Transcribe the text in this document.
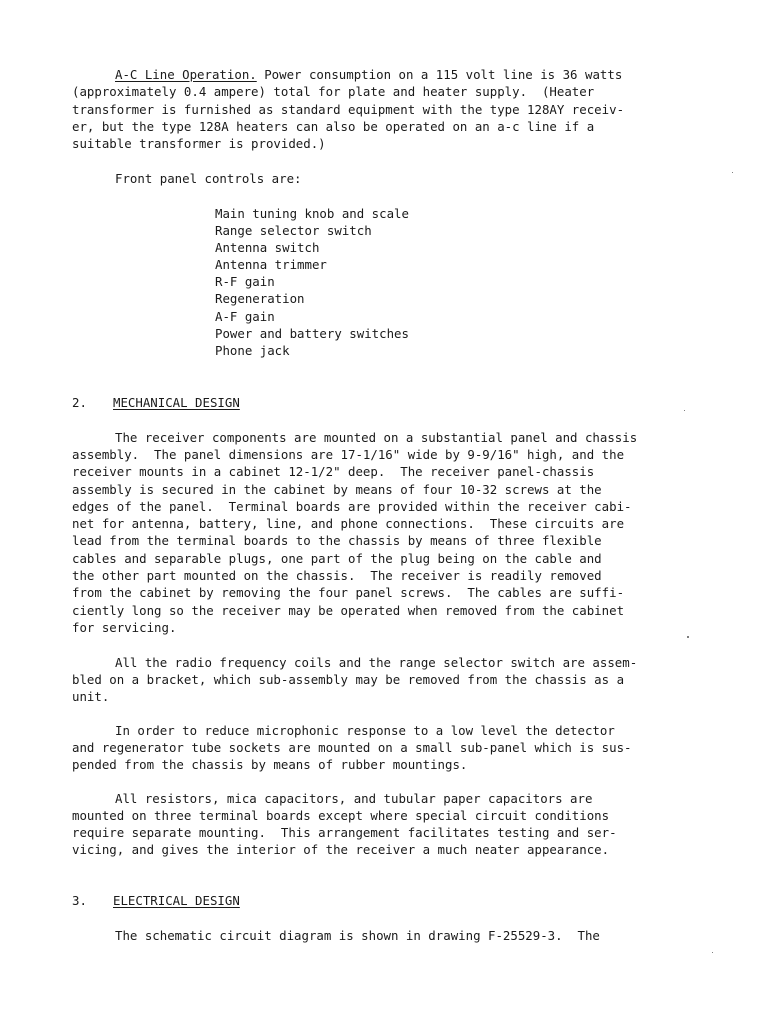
A-C Line Operation. Power consumption on a 115 volt line is 36 watts
(approximately 0.4 ampere) total for plate and heater supply.  (Heater
transformer is furnished as standard equipment with the type 128AY receiv-
er, but the type 128A heaters can also be operated on an a-c line if a
suitable transformer is provided.)
Front panel controls are:
Main tuning knob and scale
Range selector switch
Antenna switch
Antenna trimmer
R-F gain
Regeneration
A-F gain
Power and battery switches
Phone jack
2. MECHANICAL DESIGN
The receiver components are mounted on a substantial panel and chassis
assembly.  The panel dimensions are 17-1/16" wide by 9-9/16" high, and the
receiver mounts in a cabinet 12-1/2" deep.  The receiver panel-chassis
assembly is secured in the cabinet by means of four 10-32 screws at the
edges of the panel.  Terminal boards are provided within the receiver cabi-
net for antenna, battery, line, and phone connections.  These circuits are
lead from the terminal boards to the chassis by means of three flexible
cables and separable plugs, one part of the plug being on the cable and
the other part mounted on the chassis.  The receiver is readily removed
from the cabinet by removing the four panel screws.  The cables are suffi-
ciently long so the receiver may be operated when removed from the cabinet
for servicing.
All the radio frequency coils and the range selector switch are assem-
bled on a bracket, which sub-assembly may be removed from the chassis as a
unit.
In order to reduce microphonic response to a low level the detector
and regenerator tube sockets are mounted on a small sub-panel which is sus-
pended from the chassis by means of rubber mountings.
All resistors, mica capacitors, and tubular paper capacitors are
mounted on three terminal boards except where special circuit conditions
require separate mounting.  This arrangement facilitates testing and ser-
vicing, and gives the interior of the receiver a much neater appearance.
3. ELECTRICAL DESIGN
The schematic circuit diagram is shown in drawing F-25529-3.  The
